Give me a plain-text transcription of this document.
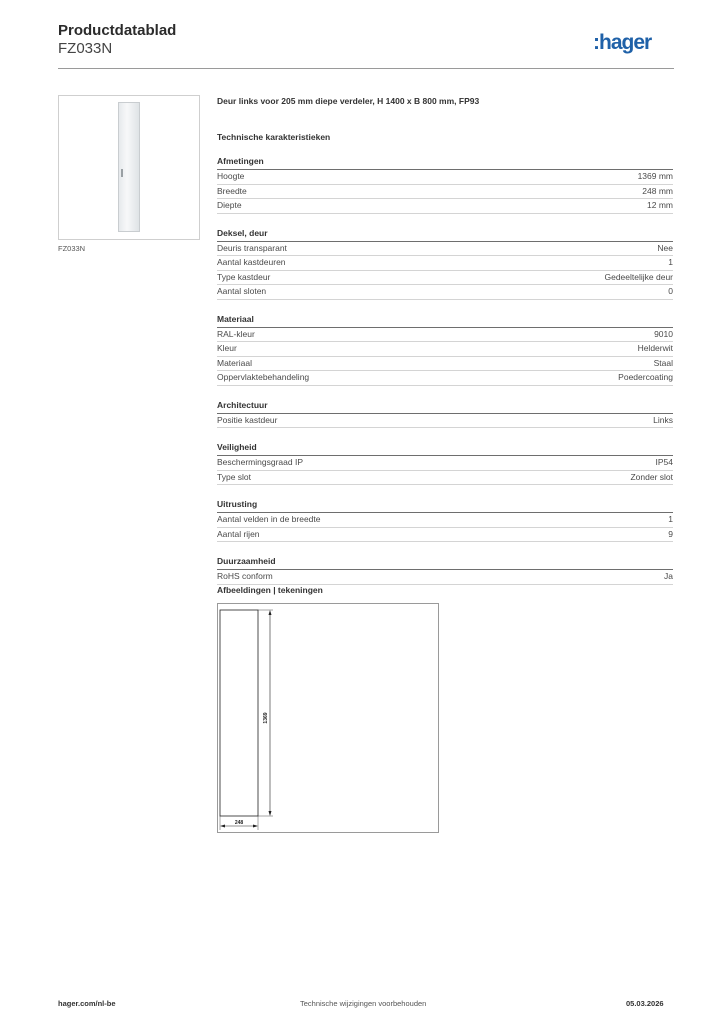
Productdatablad
FZ033N	:hager
FZ033N
Deur links voor 205 mm diepe verdeler, H 1400 x B 800 mm, FP93
Technische karakteristieken
Afmetingen
Hoogte	1369 mm
Breedte	248 mm
Diepte	12 mm
Deksel, deur
Deuris transparant	Nee
Aantal kastdeuren	1
Type kastdeur	Gedeeltelijke deur
Aantal sloten	0
Materiaal
RAL-kleur	9010
Kleur	Helderwit
Materiaal	Staal
Oppervlaktebehandeling	Poedercoating
Architectuur
Positie kastdeur	Links
Veiligheid
Beschermingsgraad IP	IP54
Type slot	Zonder slot
Uitrusting
Aantal velden in de breedte	1
Aantal rijen	9
Duurzaamheid
RoHS conform	Ja
Afbeeldingen | tekeningen
1369
248
hager.com/nl-be	Technische wijzigingen voorbehouden	05.03.2026
